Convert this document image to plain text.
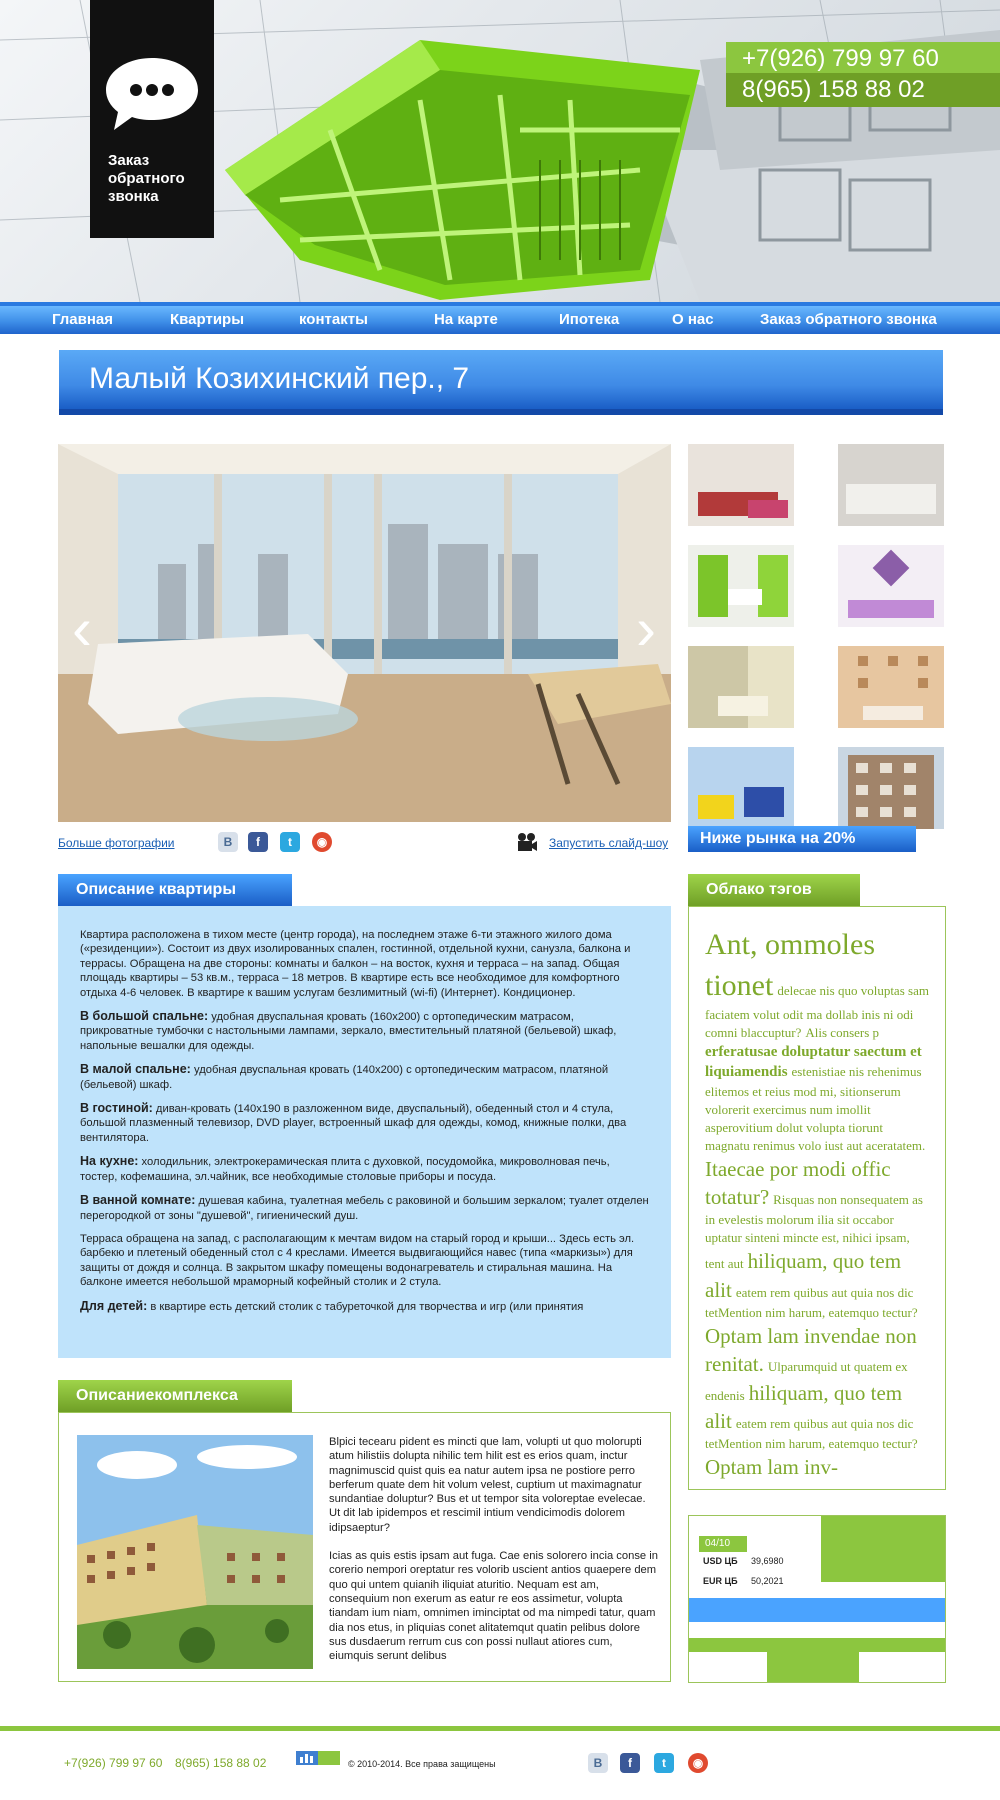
Заказ обратного звонка
+7(926) 799 97 60
8(965) 158 88 02
Главная	Квартиры	контакты	На карте	Ипотека	О нас	Заказ обратного звонка
Малый Козихинский пер., 7
‹	›
Больше фотографии	В	f	t	◉	Запустить слайд-шоу	Ниже рынка на 20%
Описание квартиры

Квартира расположена в тихом месте (центр города), на последнем этаже 6-ти этажного жилого дома («резиденции»). Состоит из двух изолированных спален, гостинной, отдельной кухни, санузла, балкона и террасы. Обращена на две стороны: комнаты и балкон – на восток, кухня и терраса – на запад. Общая площадь квартиры – 53 кв.м., терраса – 18 метров. В квартире есть все необходимое для комфортного отдыха 4-6 человек. В квартире к вашим услугам безлимитный (wi-fi) (Интернет). Кондиционер.

В большой спальне: удобная двуспальная кровать (160х200) с ортопедическим матрасом, прикроватные тумбочки с настольными лампами, зеркало, вместительный платяной (бельевой) шкаф, напольные вешалки для одежды.

В малой спальне: удобная двуспальная кровать (140х200) с ортопедическим матрасом, платяной (бельевой) шкаф.

В гостиной: диван-кровать (140х190 в разложенном виде, двуспальный), обеденный стол и 4 стула, большой плазменный телевизор, DVD player, встроенный шкаф для одежды, комод, книжные полки, два вентилятора.

На кухне: холодильник, электрокерамическая плита с духовкой, посудомойка, микроволновая печь, тостер, кофемашина, эл.чайник, все необходимые столовые приборы и посуда.

В ванной комнате: душевая кабина, туалетная мебель с раковиной и большим зеркалом; туалет отделен перегородкой от зоны "душевой", гигиенический душ.

Терраса обращена на запад, с располагающим к мечтам видом на старый город и крыши... Здесь есть эл. барбекю и плетеный обеденный стол с 4 креслами. Имеется выдвигающийся навес (типа «маркизы») для защиты от дождя и солнца. В закрытом шкафу помещены водонагреватель и стиральная машина. На балконе имеется небольшой мраморный кофейный столик и 2 стула.

Для детей: в квартире есть детский столик с табуреточкой для творчества и игр (или принятия

Описаниекомплекса

Blpici tecearu pident es mincti que lam, volupti ut quo molorupti atum hilistiis dolupta nihilic tem hilit est es erios quam, inctur magnimuscid quist quis ea natur autem ipsa ne postiore perro berferum quate dem hit volum velest, cuptium ut maximagnatur sundantiae doluptur? Bus et ut tempor sita voloreptae evelecae. Ut dit lab ipidempos et rescimil intium vendicimodis dolorem idipsaeptur?

Icias as quis estis ipsam aut fuga. Cae enis solorero incia conse in corerio nempori oreptatur res volorib uscient antios quaepere dem quo qui untem quianih iliquiat aturitio. Nequam est am, consequium non exerum as eatur re eos assimetur, volupta tiandam ium niam, omnimen iminciptat od ma nimpedi tatur, quam dia nos etus, in pliquias conet alitatemqut quatin pelibus dolore sus dusdaerum rerrum cus con possi nullaut atiores cum, eiumquis serunt delibus

Облако тэгов
Ant, ommoles tionet delecae nis quo voluptas sam faciatem volut odit ma dollab inis ni odi comni blaccuptur? Alis consers p erferatusae doluptatur saectum et liquiamendis estenistiae nis rehenimus elitemos et reius mod mi, sitionserum volorerit exercimus num imollit asperovitium dolut volupta tiorunt magnatu renimus volo iust aut aceratatem. Itaecae por modi offic totatur? Risquas non nonsequatem as in evelestis molorum ilia sit occabor uptatur sinteni mincte est, nihici ipsam, tent aut hiliquam, quo tem alit eatem rem quibus aut quia nos dic tetMention nim harum, eatemquo tectur? Optam lam invendae non renitat. Ulparumquid ut quatem ex endenis hiliquam, quo tem alit eatem rem quibus aut quia nos dic tetMention nim harum, eatemquo tectur? Optam lam inv-
04/10
USD ЦБ 39,6980
EUR ЦБ 50,2021
+7(926) 799 97 60 8(965) 158 88 02	© 2010-2014. Все права защищены	В	f	t	◉
